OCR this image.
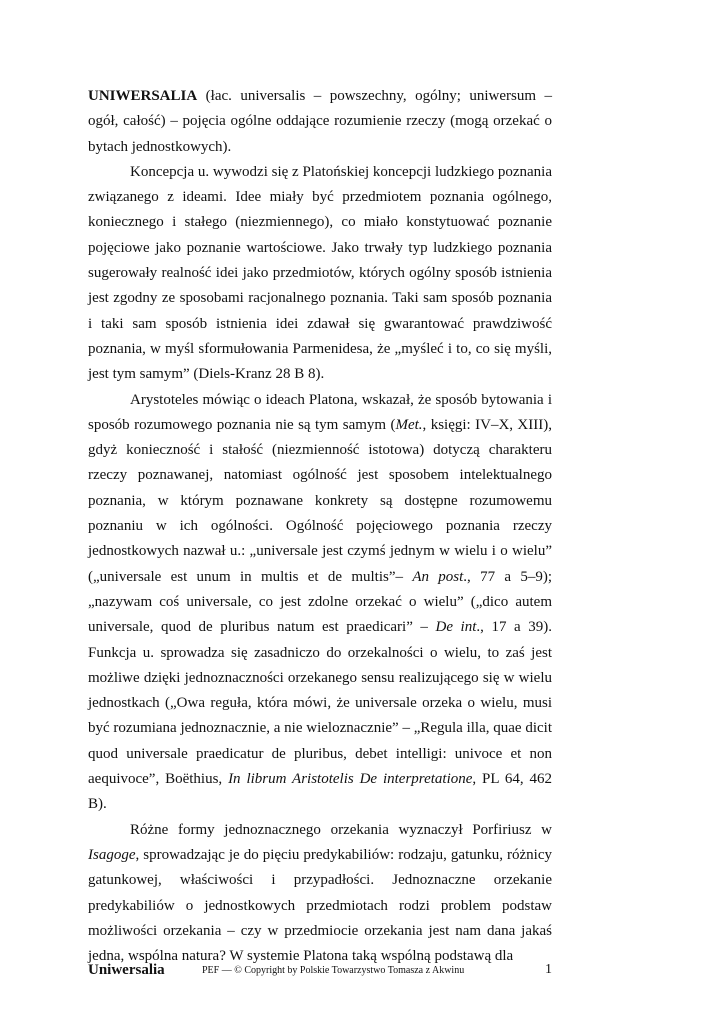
UNIWERSALIA (łac. universalis – powszechny, ogólny; uniwersum – ogół, całość) – pojęcia ogólne oddające rozumienie rzeczy (mogą orzekać o bytach jednostkowych).

Koncepcja u. wywodzi się z Platońskiej koncepcji ludzkiego poznania związanego z ideami. Idee miały być przedmiotem poznania ogólnego, koniecznego i stałego (niezmiennego), co miało konstytuować poznanie pojęciowe jako poznanie wartościowe. Jako trwały typ ludzkiego poznania sugerowały realność idei jako przedmiotów, których ogólny sposób istnienia jest zgodny ze sposobami racjonalnego poznania. Taki sam sposób poznania i taki sam sposób istnienia idei zdawał się gwarantować prawdziwość poznania, w myśl sformułowania Parmenidesa, że „myśleć i to, co się myśli, jest tym samym” (Diels-Kranz 28 B 8).

Arystoteles mówiąc o ideach Platona, wskazał, że sposób bytowania i sposób rozumowego poznania nie są tym samym (Met., księgi: IV–X, XIII), gdyż konieczność i stałość (niezmienność istotowa) dotyczą charakteru rzeczy poznawanej, natomiast ogólność jest sposobem intelektualnego poznania, w którym poznawane konkrety są dostępne rozumowemu poznaniu w ich ogólności. Ogólność pojęciowego poznania rzeczy jednostkowych nazwał u.: „universale jest czymś jednym w wielu i o wielu” („universale est unum in multis et de multis”– An post., 77 a 5–9); „nazywam coś universale, co jest zdolne orzekać o wielu” („dico autem universale, quod de pluribus natum est praedicari” – De int., 17 a 39). Funkcja u. sprowadza się zasadniczo do orzekalności o wielu, to zaś jest możliwe dzięki jednoznaczności orzekanego sensu realizującego się w wielu jednostkach („Owa reguła, która mówi, że universale orzeka o wielu, musi być rozumiana jednoznacznie, a nie wieloznacznie” – „Regula illa, quae dicit quod universale praedicatur de pluribus, debet intelligi: univoce et non aequivoce”, Boëthius, In librum Aristotelis De interpretatione, PL 64, 462 B).

Różne formy jednoznacznego orzekania wyznaczył Porfiriusz w Isagoge, sprowadzając je do pięciu predykabiliów: rodzaju, gatunku, różnicy gatunkowej, właściwości i przypadłości. Jednoznaczne orzekanie predykabiliów o jednostkowych przedmiotach rodzi problem podstaw możliwości orzekania – czy w przedmiocie orzekania jest nam dana jakaś jedna, wspólna natura? W systemie Platona taką wspólną podstawą dla

Uniwersalia	PEF — © Copyright by Polskie Towarzystwo Tomasza z Akwinu	1
